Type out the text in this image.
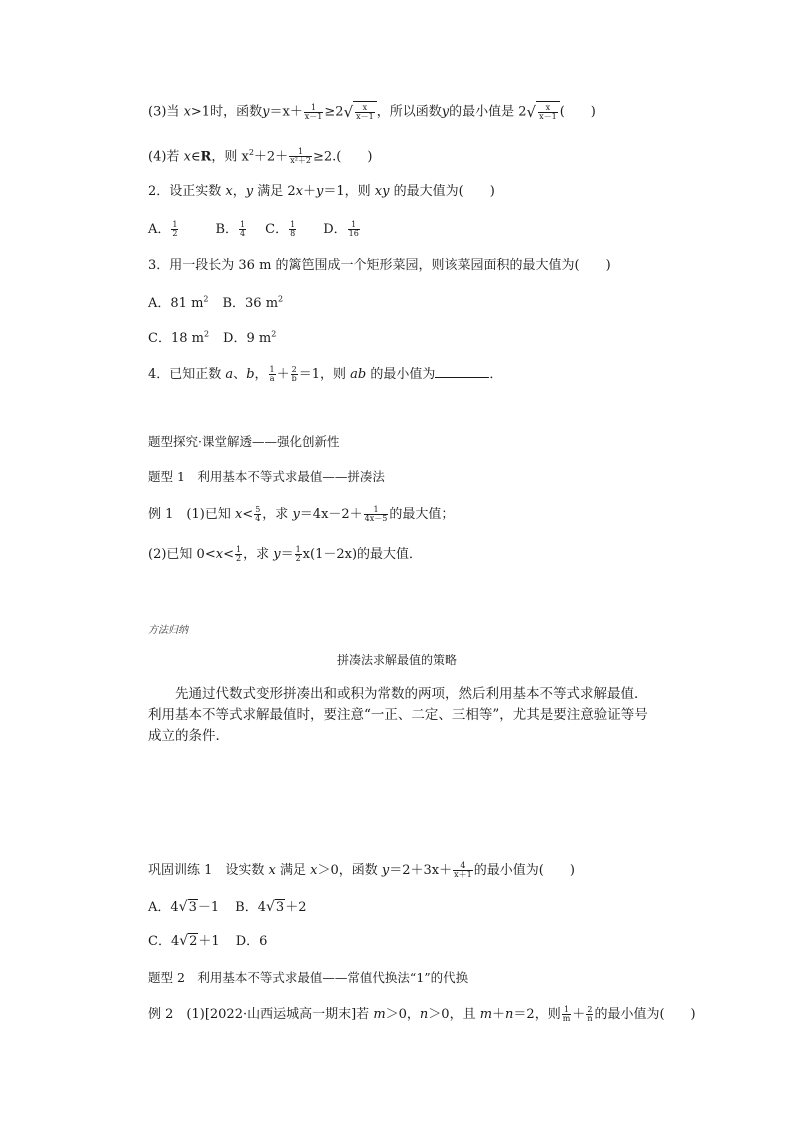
(3)当 x>1时，函数$y=x+ \frac{1}{x-1} \ge 2$ √ $\frac{x}{x-1}$ ，所以函数y的最小值是 2 √ $\frac{x}{x-1}$ (　　)
(4)若 x∈R，则 $x^2+2+ \frac{1}{\text{x²＋2}} \ge 2$.(　　)
2．设正实数 x，y 满足 2x＋y＝1，则 xy 的最大值为(　　)
A． $\frac{1}{2}$	B． $\frac{1}{4}$ C． $\frac{1}{8}$ D． $\frac{1}{16}$
3．用一段长为 36 m 的篱笆围成一个矩形菜园，则该菜园面积的最大值为(　　)
A．81 $m^2$ B．36 $m^2$
C．18 $m^2$ D．9 $m^2$
4．已知正数 a、b， $\frac{1}{a} + \frac{2}{b} =1$，则 ab 的最小值为	．
题型探究·课堂解透——强化创新性
题型 1　利用基本不等式求最值——拼凑法
例 1　(1)已知 $x< \frac{5}{4}$ ，求 $y=4x-2+ \frac{1}{4x-5}$ 的最大值；
(2)已知 $0<x< \frac{1}{2}$ ，求 $y= \frac{1}{2} x(1-2x)$的最大值．
方法归纳
拼凑法求解最值的策略
先通过代数式变形拼凑出和或积为常数的两项，然后利用基本不等式求解最值．利用基本不等式求解最值时，要注意“一正、二定、三相等”，尤其是要注意验证等号成立的条件．
巩固训练 1　设实数 x 满足 x＞0，函数 $y=2+3x+ \frac{4}{x+1}$ 的最小值为(　　)
A．4 √ 3 －1 B．4 √ 3 ＋2
C．4 √ 2 ＋1 D．6
题型 2　利用基本不等式求最值——常值代换法“1”的代换
例 2　(1)[2022·山西运城高一期末]若 m＞0，n＞0，且 m＋n＝2，则 $\frac{1}{m} + \frac{2}{n}$ 的最小值为(　　)
